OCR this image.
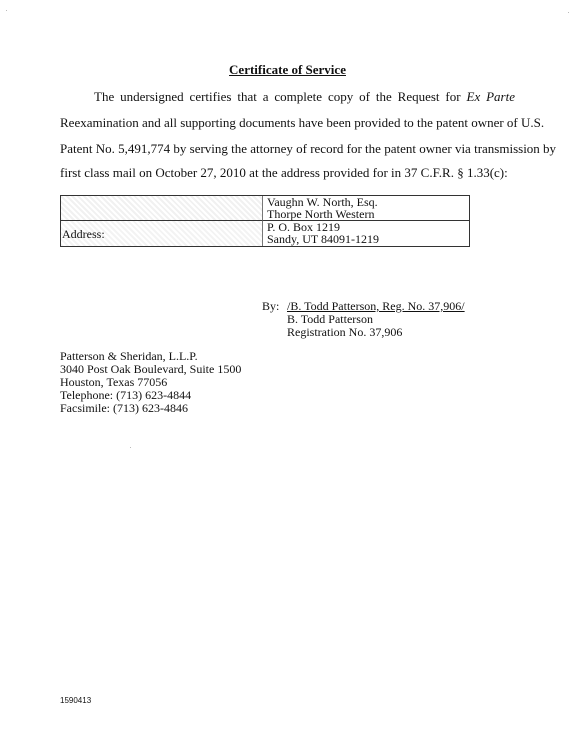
Certificate of Service
The undersigned certifies that a complete copy of the Request for Ex Parte
Reexamination and all supporting documents have been provided to the patent owner of U.S.
Patent No. 5,491,774 by serving the attorney of record for the patent owner via transmission by
first class mail on October 27, 2010 at the address provided for in 37 C.F.R. § 1.33(c):
Address:
Vaughn W. North, Esq.
Thorpe North Western
P. O. Box 1219
Sandy, UT 84091-1219
By: /B. Todd Patterson, Reg. No. 37,906/
B. Todd Patterson
Registration No. 37,906
Patterson & Sheridan, L.L.P.
3040 Post Oak Boulevard, Suite 1500
Houston, Texas 77056
Telephone: (713) 623-4844
Facsimile: (713) 623-4846
1590413
